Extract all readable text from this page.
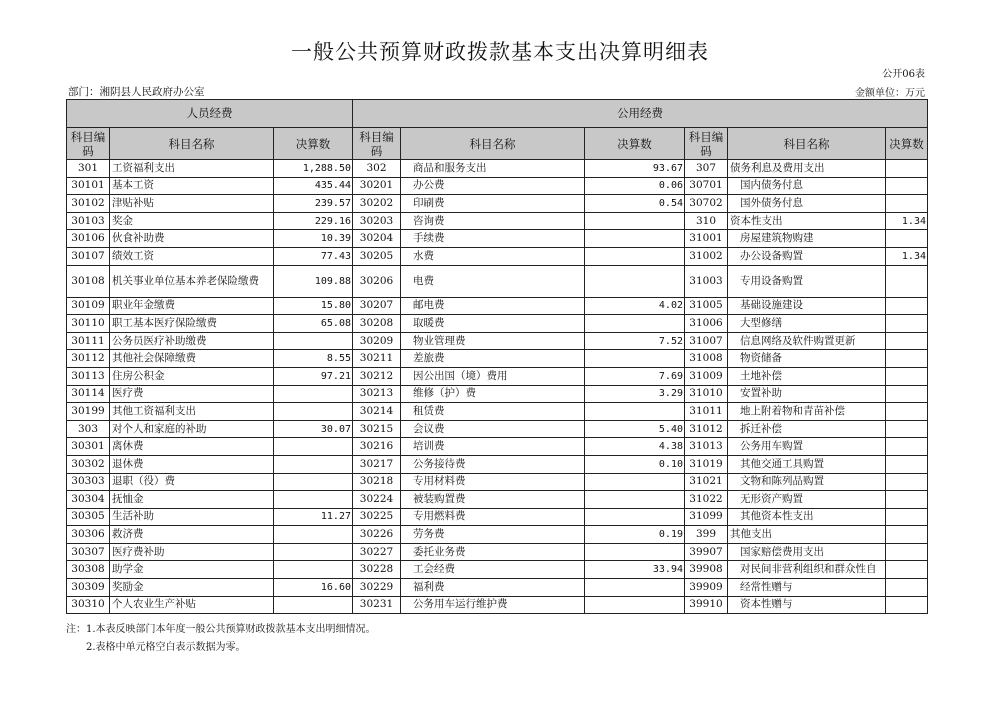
一般公共预算财政拨款基本支出决算明细表
公开06表
部门：湘阴县人民政府办公室	金额单位：万元
人员经费			公用经费					
科目编码	科目名称	决算数	科目编码	科目名称	决算数	科目编码	科目名称	决算数
301	工资福利支出	1,288.50	302	商品和服务支出	93.67	307	债务利息及费用支出	
30101	基本工资	435.44	30201	办公费	0.06	30701	国内债务付息	
30102	津贴补贴	239.57	30202	印刷费	0.54	30702	国外债务付息	
30103	奖金	229.16	30203	咨询费		310	资本性支出	1.34
30106	伙食补助费	10.39	30204	手续费		31001	房屋建筑物购建	
30107	绩效工资	77.43	30205	水费		31002	办公设备购置	1.34
30108	机关事业单位基本养老保险缴费	109.88	30206	电费		31003	专用设备购置	
30109	职业年金缴费	15.80	30207	邮电费	4.02	31005	基础设施建设	
30110	职工基本医疗保险缴费	65.08	30208	取暖费		31006	大型修缮	
30111	公务员医疗补助缴费		30209	物业管理费	7.52	31007	信息网络及软件购置更新	
30112	其他社会保障缴费	8.55	30211	差旅费		31008	物资储备	
30113	住房公积金	97.21	30212	因公出国（境）费用	7.69	31009	土地补偿	
30114	医疗费		30213	维修（护）费	3.29	31010	安置补助	
30199	其他工资福利支出		30214	租赁费		31011	地上附着物和青苗补偿	
303	对个人和家庭的补助	30.07	30215	会议费	5.40	31012	拆迁补偿	
30301	离休费		30216	培训费	4.38	31013	公务用车购置	
30302	退休费		30217	公务接待费	0.10	31019	其他交通工具购置	
30303	退职（役）费		30218	专用材料费		31021	文物和陈列品购置	
30304	抚恤金		30224	被装购置费		31022	无形资产购置	
30305	生活补助	11.27	30225	专用燃料费		31099	其他资本性支出	
30306	救济费		30226	劳务费	0.19	399	其他支出	
30307	医疗费补助		30227	委托业务费		39907	国家赔偿费用支出	
30308	助学金		30228	工会经费	33.94	39908	对民间非营利组织和群众性自	
30309	奖励金	16.60	30229	福利费		39909	经常性赠与	
30310	个人农业生产补贴		30231	公务用车运行维护费		39910	资本性赠与	
注：1.本表反映部门本年度一般公共预算财政拨款基本支出明细情况。
2.表格中单元格空白表示数据为零。
